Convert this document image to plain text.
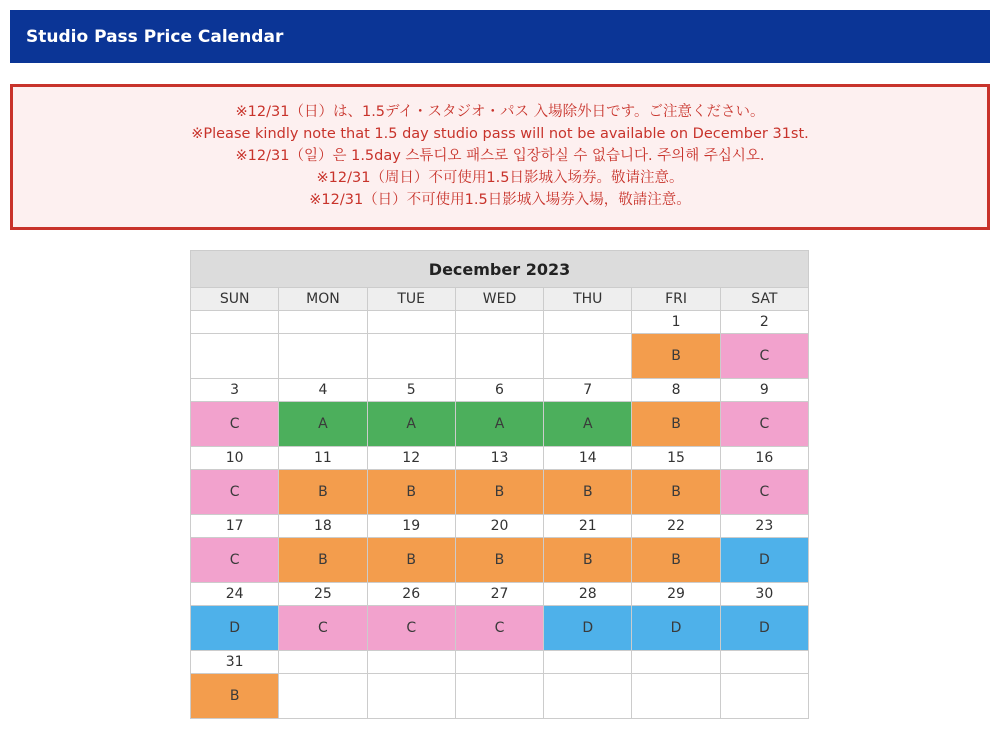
Studio Pass Price Calendar
※12/31（日）は、1.5デイ・スタジオ・パス 入場除外日です。ご注意ください。
※Please kindly note that 1.5 day studio pass will not be available on December 31st.
※12/31（일）은 1.5day 스튜디오 패스로 입장하실 수 없습니다. 주의해 주십시오.
※12/31（周日）不可使用1.5日影城入场券。敬请注意。
※12/31（日）不可使用1.5日影城入場券入場，敬請注意。
December 2023						
SUN	MON	TUE	WED	THU	FRI	SAT
					1	2
					B	C
3	4	5	6	7	8	9
C	A	A	A	A	B	C
10	11	12	13	14	15	16
C	B	B	B	B	B	C
17	18	19	20	21	22	23
C	B	B	B	B	B	D
24	25	26	27	28	29	30
D	C	C	C	D	D	D
31						
B						
